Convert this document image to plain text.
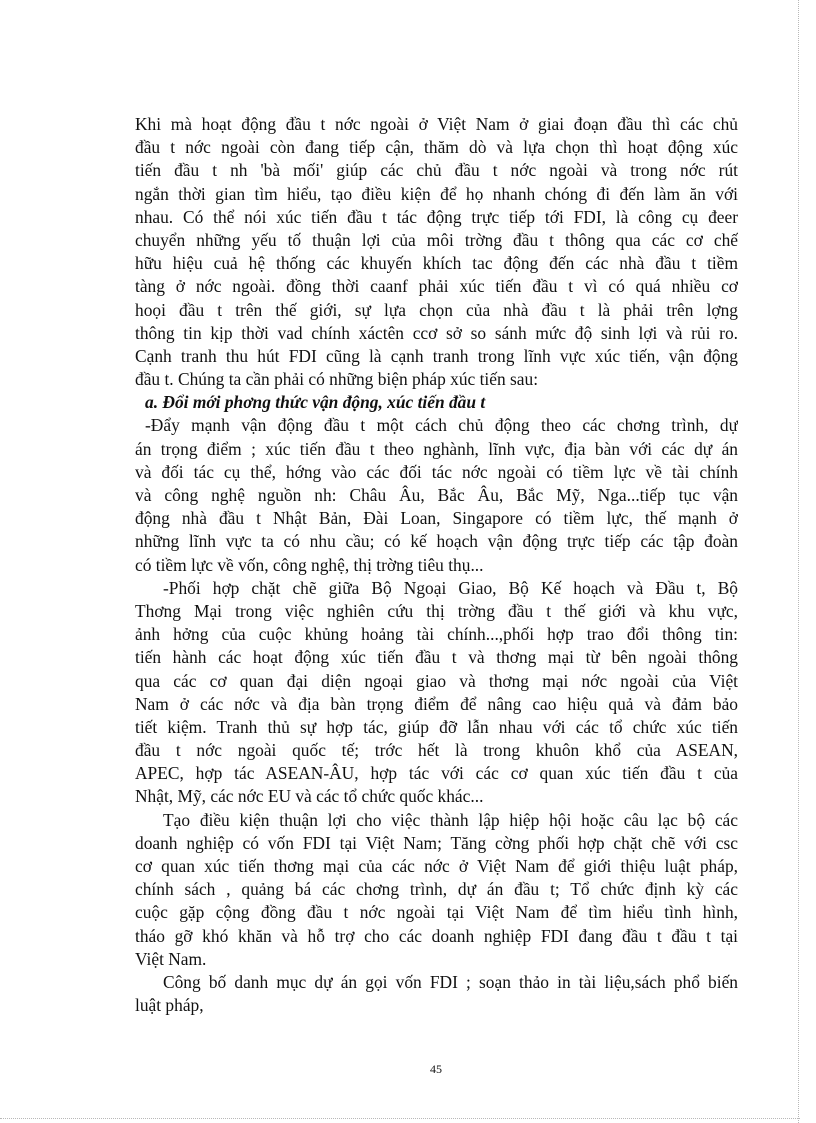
Khi mà hoạt động đầu t nớc ngoài ở Việt Nam ở giai đoạn đầu thì các chủ
đầu t nớc ngoài còn đang tiếp cận, thăm dò và lựa chọn thì hoạt động xúc
tiến đầu t nh 'bà mối' giúp các chủ đầu t nớc ngoài và trong nớc rút
ngắn thời gian tìm hiểu, tạo điều kiện để họ nhanh chóng đi đến làm ăn với
nhau. Có thể nói xúc tiến đầu t tác động trực tiếp tới FDI, là công cụ đeer
chuyển những yếu tố thuận lợi của môi trờng đầu t thông qua các cơ chế
hữu hiệu cuả hệ thống các khuyến khích tac động đến các nhà đầu t tiềm
tàng ở nớc ngoài. đồng thời caanf phải xúc tiến đầu t vì có quá nhiều cơ
hoọi đầu t trên thế giới, sự lựa chọn của nhà đầu t là phải trên lợng
thông tin kịp thời vad chính xáctên ccơ sở so sánh mức độ sinh lợi và rủi ro.
Cạnh tranh thu hút FDI cũng là cạnh tranh trong lĩnh vực xúc tiến, vận động
đầu t. Chúng ta cần phải có những biện pháp xúc tiến sau:
a. Đổi mới phơng thức vận động, xúc tiến đầu t
-Đẩy mạnh vận động đầu t một cách chủ động theo các chơng trình, dự
án trọng điểm ; xúc tiến đầu t theo nghành, lĩnh vực, địa bàn với các dự án
và đối tác cụ thể, hớng vào các đối tác nớc ngoài có tiềm lực về tài chính
và công nghệ nguồn nh: Châu Âu, Bắc Âu, Bắc Mỹ, Nga...tiếp tục vận
động nhà đầu t Nhật Bản, Đài Loan, Singapore có tiềm lực, thế mạnh ở
những lĩnh vực ta có nhu cầu; có kế hoạch vận động trực tiếp các tập đoàn
có tiềm lực về vốn, công nghệ, thị trờng tiêu thụ...
-Phối hợp chặt chẽ giữa Bộ Ngoại Giao, Bộ Kế hoạch và Đầu t, Bộ
Thơng Mại trong việc nghiên cứu thị trờng đầu t thế giới và khu vực,
ảnh hởng của cuộc khủng hoảng tài chính...,phối hợp trao đổi thông tin:
tiến hành các hoạt động xúc tiến đầu t và thơng mại từ bên ngoài thông
qua các cơ quan đại diện ngoại giao và thơng mại nớc ngoài của Việt
Nam ở các nớc và địa bàn trọng điểm để nâng cao hiệu quả và đảm bảo
tiết kiệm. Tranh thủ sự hợp tác, giúp đỡ lẫn nhau với các tổ chức xúc tiến
đầu t nớc ngoài quốc tế; trớc hết là trong khuôn khổ của ASEAN,
APEC, hợp tác ASEAN-ÂU, hợp tác với các cơ quan xúc tiến đầu t của
Nhật, Mỹ, các nớc EU và các tổ chức quốc khác...
Tạo điều kiện thuận lợi cho việc thành lập hiệp hội hoặc câu lạc bộ các
doanh nghiệp có vốn FDI tại Việt Nam; Tăng cờng phối hợp chặt chẽ với csc
cơ quan xúc tiến thơng mại của các nớc ở Việt Nam để giới thiệu luật pháp,
chính sách , quảng bá các chơng trình, dự án đầu t; Tổ chức định kỳ các
cuộc gặp cộng đồng đầu t nớc ngoài tại Việt Nam để tìm hiểu tình hình,
tháo gỡ khó khăn và hỗ trợ cho các doanh nghiệp FDI đang đầu t đầu t tại
Việt Nam.
Công bố danh mục dự án gọi vốn FDI ; soạn thảo in tài liệu,sách phổ biến
luật pháp,
45
